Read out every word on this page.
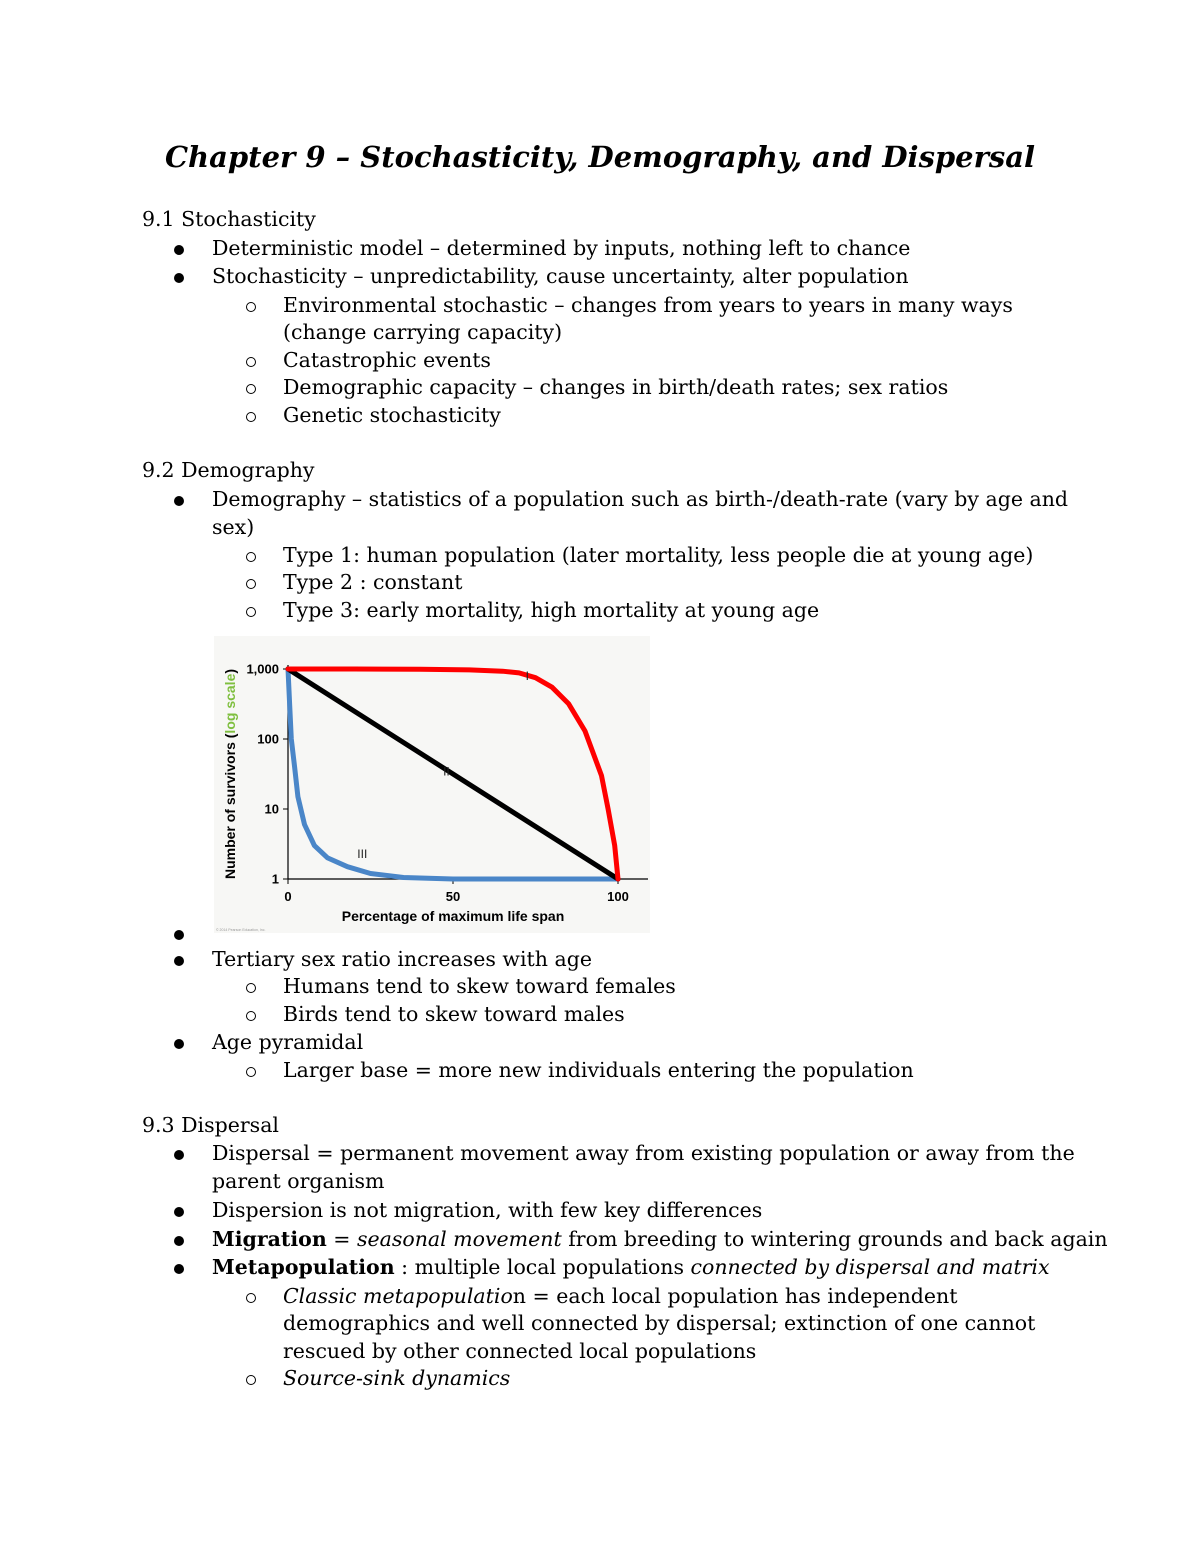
Chapter 9 – Stochasticity, Demography, and Dispersal
9.1 Stochasticity
Deterministic model – determined by inputs, nothing left to chance
Stochasticity – unpredictability, cause uncertainty, alter population
Environmental stochastic – changes from years to years in many ways
(change carrying capacity)
Catastrophic events
Demographic capacity – changes in birth/death rates; sex ratios
Genetic stochasticity
9.2 Demography
Demography – statistics of a population such as birth-/death-rate (vary by age and
sex)
Type 1: human population (later mortality, less people die at young age)
Type 2 : constant
Type 3: early mortality, high mortality at young age
1
10
100
1,000
0	50	100
Percentage of maximum life span
Number of survivors (log scale)	I
II
III
© 2014 Pearson Education, Inc.
Tertiary sex ratio increases with age
Humans tend to skew toward females
Birds tend to skew toward males
Age pyramidal
Larger base = more new individuals entering the population
9.3 Dispersal
Dispersal = permanent movement away from existing population or away from the
parent organism
Dispersion is not migration, with few key differences
Migration = seasonal movement from breeding to wintering grounds and back again
Metapopulation : multiple local populations connected by dispersal and matrix
Classic metapopulation = each local population has independent
demographics and well connected by dispersal; extinction of one cannot
rescued by other connected local populations
Source-sink dynamics
